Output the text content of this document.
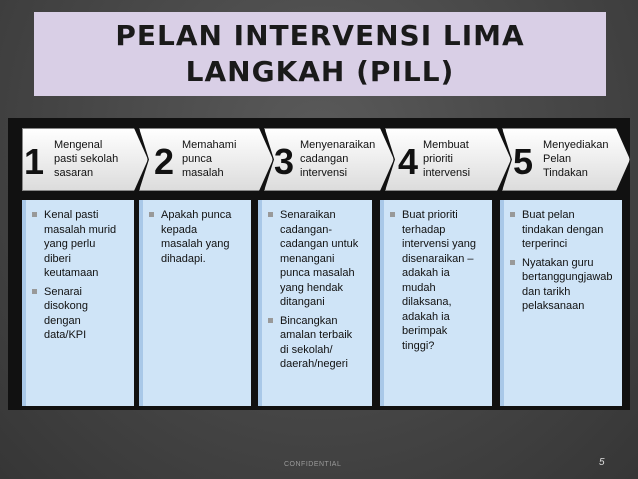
PELAN INTERVENSI LIMA
LANGKAH (PILL)
1 Mengenal
pasti sekolah
sasaran	2 Memahami
punca
masalah	3 Menyenaraikan
cadangan
intervensi	4 Membuat
prioriti
intervensi 5 Menyediakan
Pelan
Tindakan
Kenal pasti
masalah murid
yang perlu
diberi
keutamaan
Senarai
disokong
dengan
data/KPI
Apakah punca
kepada
masalah yang
dihadapi.
Senaraikan
cadangan-
cadangan untuk
menangani
punca masalah
yang hendak
ditangani
Bincangkan
amalan terbaik
di sekolah/
daerah/negeri
Buat prioriti
terhadap
intervensi yang
disenaraikan –
adakah ia
mudah
dilaksana,
adakah ia
berimpak
tinggi?
Buat pelan
tindakan dengan
terperinci
Nyatakan guru
bertanggungjawab
dan tarikh
pelaksanaan
CONFIDENTIAL	5
